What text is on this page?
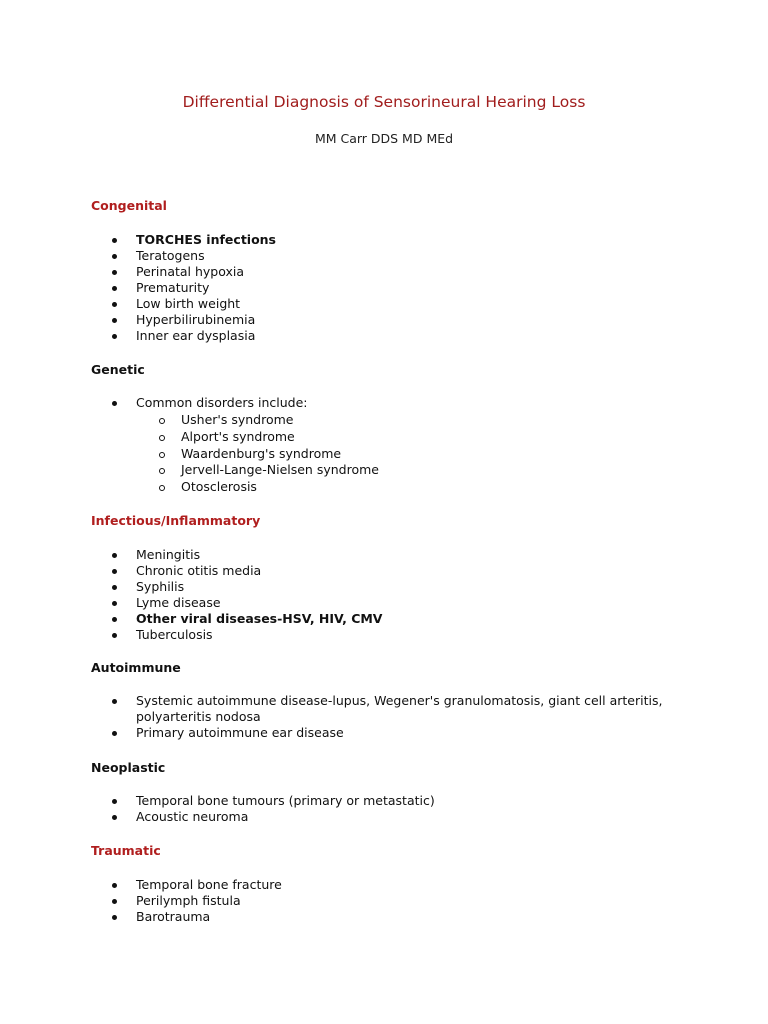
Differential Diagnosis of Sensorineural Hearing Loss
MM Carr DDS MD MEd
Congenital
TORCHES infections
Teratogens
Perinatal hypoxia
Prematurity
Low birth weight
Hyperbilirubinemia
Inner ear dysplasia
Genetic
Common disorders include:
Usher's syndrome
Alport's syndrome
Waardenburg's syndrome
Jervell-Lange-Nielsen syndrome
Otosclerosis
Infectious/Inflammatory
Meningitis
Chronic otitis media
Syphilis
Lyme disease
Other viral diseases-HSV, HIV, CMV
Tuberculosis
Autoimmune
Systemic autoimmune disease-lupus, Wegener's granulomatosis, giant cell arteritis, polyarteritis nodosa
Primary autoimmune ear disease
Neoplastic
Temporal bone tumours (primary or metastatic)
Acoustic neuroma
Traumatic
Temporal bone fracture
Perilymph fistula
Barotrauma
